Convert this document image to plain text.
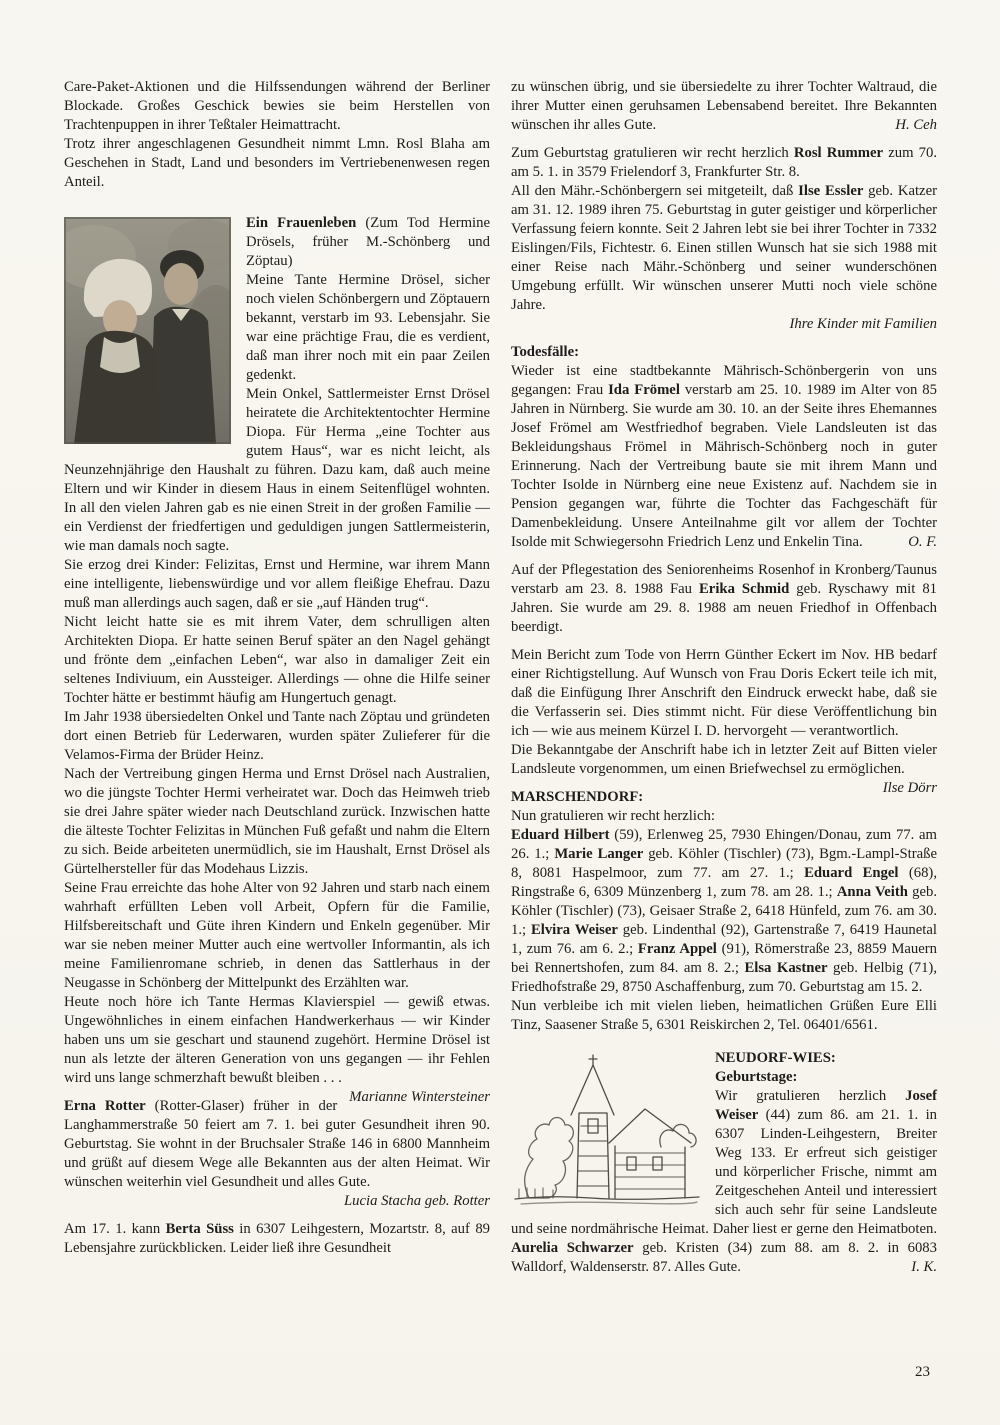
Care-Paket-Aktionen und die Hilfssendungen während der Berliner Blockade. Großes Geschick bewies sie beim Herstellen von Trachtenpuppen in ihrer Teßtaler Heimattracht.

Trotz ihrer angeschlagenen Gesundheit nimmt Lmn. Rosl Blaha am Geschehen in Stadt, Land und besonders im Vertriebenenwesen regen Anteil.

Ein Frauenleben (Zum Tod Hermine Drösels, früher M.-Schönberg und Zöptau)

Meine Tante Hermine Drösel, sicher noch vielen Schönbergern und Zöptauern bekannt, verstarb im 93. Lebensjahr. Sie war eine prächtige Frau, die es verdient, daß man ihrer noch mit ein paar Zeilen gedenkt.

Mein Onkel, Sattlermeister Ernst Drösel heiratete die Architektentochter Hermine Diopa. Für Herma „eine Tochter aus gutem Haus“, war es nicht leicht, als Neunzehnjährige den Haushalt zu führen. Dazu kam, daß auch meine Eltern und wir Kinder in diesem Haus in einem Seitenflügel wohnten. In all den vielen Jahren gab es nie einen Streit in der großen Familie — ein Verdienst der friedfertigen und geduldigen jungen Sattlermeisterin, wie man damals noch sagte.

Sie erzog drei Kinder: Felizitas, Ernst und Hermine, war ihrem Mann eine intelligente, liebenswürdige und vor allem fleißige Ehefrau. Dazu muß man allerdings auch sagen, daß er sie „auf Händen trug“.

Nicht leicht hatte sie es mit ihrem Vater, dem schrulligen alten Architekten Diopa. Er hatte seinen Beruf später an den Nagel gehängt und frönte dem „einfachen Leben“, war also in damaliger Zeit ein seltenes Indiviuum, ein Aussteiger. Allerdings — ohne die Hilfe seiner Tochter hätte er bestimmt häufig am Hungertuch genagt.

Im Jahr 1938 übersiedelten Onkel und Tante nach Zöptau und gründeten dort einen Betrieb für Lederwaren, wurden später Zulieferer für die Velamos-Firma der Brüder Heinz.

Nach der Vertreibung gingen Herma und Ernst Drösel nach Australien, wo die jüngste Tochter Hermi verheiratet war. Doch das Heimweh trieb sie drei Jahre später wieder nach Deutschland zurück. Inzwischen hatte die älteste Tochter Felizitas in München Fuß gefaßt und nahm die Eltern zu sich. Beide arbeiteten unermüdlich, sie im Haushalt, Ernst Drösel als Gürtelhersteller für das Modehaus Lizzis.

Seine Frau erreichte das hohe Alter von 92 Jahren und starb nach einem wahrhaft erfüllten Leben voll Arbeit, Opfern für die Familie, Hilfsbereitschaft und Güte ihren Kindern und Enkeln gegenüber. Mir war sie neben meiner Mutter auch eine wertvoller Informantin, als ich meine Familienromane schrieb, in denen das Sattlerhaus in der Neugasse in Schönberg der Mittelpunkt des Erzählten war.

Heute noch höre ich Tante Hermas Klavierspiel — gewiß etwas. Ungewöhnliches in einem einfachen Handwerkerhaus — wir Kinder haben uns um sie geschart und staunend zugehört. Hermine Drösel ist nun als letzte der älteren Generation von uns gegangen — ihr Fehlen wird uns lange schmerzhaft bewußt bleiben . . .
Marianne Wintersteiner

Erna Rotter (Rotter-Glaser) früher in der Langhammerstraße 50 feiert am 7. 1. bei guter Gesundheit ihren 90. Geburtstag. Sie wohnt in der Bruchsaler Straße 146 in 6800 Mannheim und grüßt auf diesem Wege alle Bekannten aus der alten Heimat. Wir wünschen weiterhin viel Gesundheit und alles Gute.

Lucia Stacha geb. Rotter

Am 17. 1. kann Berta Süss in 6307 Leihgestern, Mozartstr. 8, auf 89 Lebensjahre zurückblicken. Leider ließ ihre Gesundheit

zu wünschen übrig, und sie übersiedelte zu ihrer Tochter Waltraud, die ihrer Mutter einen geruhsamen Lebensabend bereitet. Ihre Bekannten wünschen ihr alles Gute.	H. Ceh

Zum Geburtstag gratulieren wir recht herzlich Rosl Rummer zum 70. am 5. 1. in 3579 Frielendorf 3, Frankfurter Str. 8.

All den Mähr.-Schönbergern sei mitgeteilt, daß Ilse Essler geb. Katzer am 31. 12. 1989 ihren 75. Geburtstag in guter geistiger und körperlicher Verfassung feiern konnte. Seit 2 Jahren lebt sie bei ihrer Tochter in 7332 Eislingen/Fils, Fichtestr. 6. Einen stillen Wunsch hat sie sich 1988 mit einer Reise nach Mähr.-Schönberg und seiner wunderschönen Umgebung erfüllt. Wir wünschen unserer Mutti noch viele schöne Jahre.

Ihre Kinder mit Familien

Todesfälle:

Wieder ist eine stadtbekannte Mährisch-Schönbergerin von uns gegangen: Frau Ida Frömel verstarb am 25. 10. 1989 im Alter von 85 Jahren in Nürnberg. Sie wurde am 30. 10. an der Seite ihres Ehemannes Josef Frömel am Westfriedhof begraben. Viele Landsleuten ist das Bekleidungshaus Frömel in Mährisch-Schönberg noch in guter Erinnerung. Nach der Vertreibung baute sie mit ihrem Mann und Tochter Isolde in Nürnberg eine neue Existenz auf. Nachdem sie in Pension gegangen war, führte die Tochter das Fachgeschäft für Damenbekleidung. Unsere Anteilnahme gilt vor allem der Tochter Isolde mit Schwiegersohn Friedrich Lenz und Enkelin Tina.	O. F.

Auf der Pflegestation des Seniorenheims Rosenhof in Kronberg/Taunus verstarb am 23. 8. 1988 Fau Erika Schmid geb. Ryschawy mit 81 Jahren. Sie wurde am 29. 8. 1988 am neuen Friedhof in Offenbach beerdigt.

Mein Bericht zum Tode von Herrn Günther Eckert im Nov. HB bedarf einer Richtigstellung. Auf Wunsch von Frau Doris Eckert teile ich mit, daß die Einfügung Ihrer Anschrift den Eindruck erweckt habe, daß sie die Verfasserin sei. Dies stimmt nicht. Für diese Veröffentlichung bin ich — wie aus meinem Kürzel I. D. hervorgeht — verantwortlich.

Die Bekanntgabe der Anschrift habe ich in letzter Zeit auf Bitten vieler Landsleute vorgenommen, um einen Briefwechsel zu ermöglichen.
Ilse Dörr

MARSCHENDORF:

Nun gratulieren wir recht herzlich:

Eduard Hilbert (59), Erlenweg 25, 7930 Ehingen/Donau, zum 77. am 26. 1.; Marie Langer geb. Köhler (Tischler) (73), Bgm.-Lampl-Straße 8, 8081 Haspelmoor, zum 77. am 27. 1.; Eduard Engel (68), Ringstraße 6, 6309 Münzenberg 1, zum 78. am 28. 1.; Anna Veith geb. Köhler (Tischler) (73), Geisaer Straße 2, 6418 Hünfeld, zum 76. am 30. 1.; Elvira Weiser geb. Lindenthal (92), Gartenstraße 7, 6419 Haunetal 1, zum 76. am 6. 2.; Franz Appel (91), Römerstraße 23, 8859 Mauern bei Rennertshofen, zum 84. am 8. 2.; Elsa Kastner geb. Helbig (71), Friedhofstraße 29, 8750 Aschaffenburg, zum 70. Geburtstag am 15. 2.

Nun verbleibe ich mit vielen lieben, heimatlichen Grüßen Eure Elli Tinz, Saasener Straße 5, 6301 Reiskirchen 2, Tel. 06401/6561.

NEUDORF-WIES:

Geburtstage:

Wir gratulieren herzlich Josef Weiser (44) zum 86. am 21. 1. in 6307 Linden-Leihgestern, Breiter Weg 133. Er erfreut sich geistiger und körperlicher Frische, nimmt am Zeitgeschehen Anteil und interessiert sich auch sehr für seine Landsleute und seine nordmährische Heimat. Daher liest er gerne den Heimatboten. Aurelia Schwarzer geb. Kristen (34) zum 88. am 8. 2. in 6083 Walldorf, Waldenserstr. 87. Alles Gute.	I. K.

23
